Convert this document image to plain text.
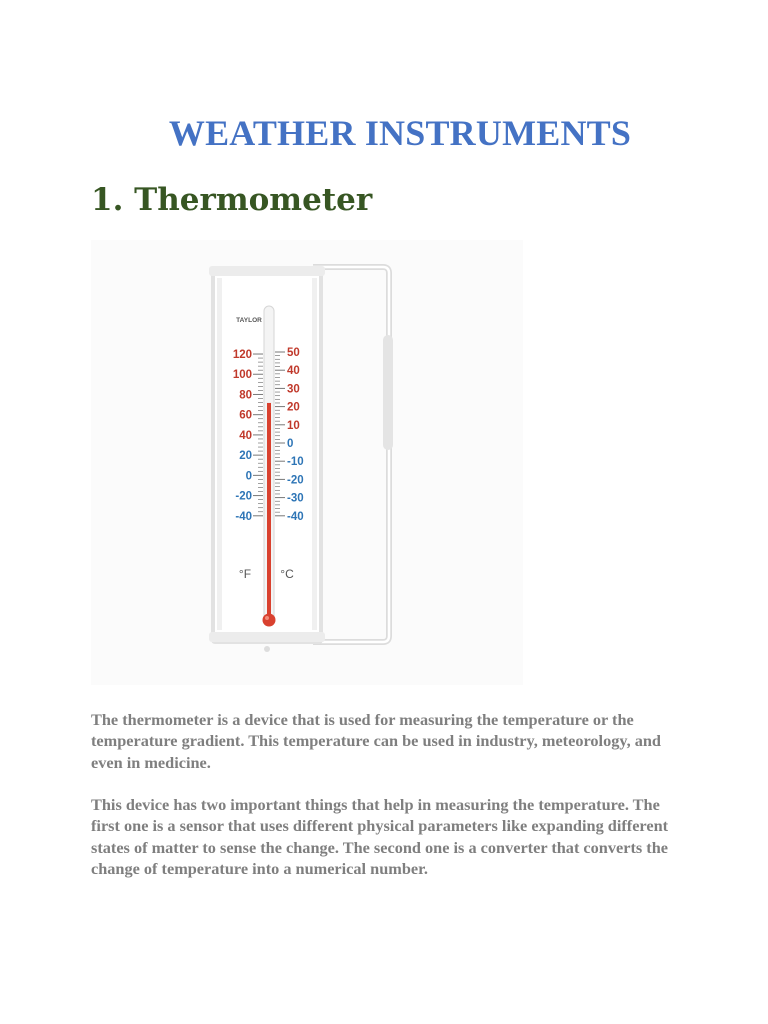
WEATHER INSTRUMENTS
1. Thermometer
TAYLOR
120
100
80
60
40
20
0
-20
-40
50
40
30
20
10
0
-10
-20
-30
-40
°F °C

The thermometer is a device that is used for measuring the temperature or the temperature gradient. This temperature can be used in industry, meteorology, and even in medicine.

This device has two important things that help in measuring the temperature. The first one is a sensor that uses different physical parameters like expanding different states of matter to sense the change. The second one is a converter that converts the change of temperature into a numerical number.
